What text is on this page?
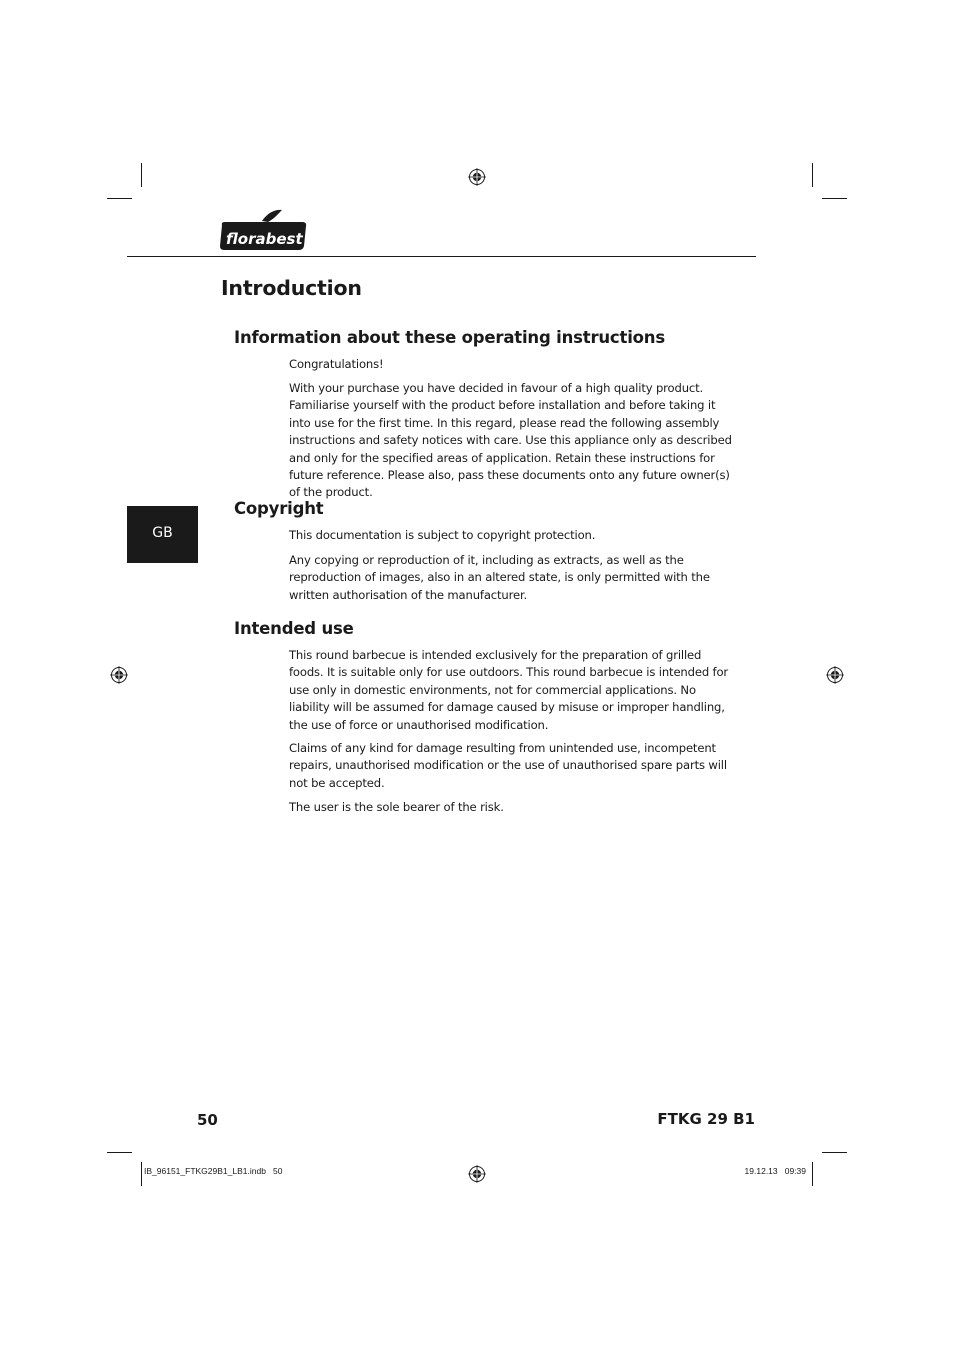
florabest
Introduction
Information about these operating instructions

Congratulations!

With your purchase you have decided in favour of a high quality product. Familiarise yourself with the product before installation and before taking it into use for the first time. In this regard, please read the following assembly instructions and safety notices with care. Use this appliance only as described and only for the specified areas of application. Retain these instructions for future reference. Please also, pass these documents onto any future owner(s) of the product.

GB
Copyright

This documentation is subject to copyright protection.

Any copying or reproduction of it, including as extracts, as well as the reproduction of images, also in an altered state, is only permitted with the written authorisation of the manufacturer.

Intended use

This round barbecue is intended exclusively for the preparation of grilled foods. It is suitable only for use outdoors. This round barbecue is intended for use only in domestic environments, not for commercial applications. No liability will be assumed for damage caused by misuse or improper handling, the use of force or unauthorised modification.

Claims of any kind for damage resulting from unintended use, incompetent repairs, unauthorised modification or the use of unauthorised spare parts will not be accepted.

The user is the sole bearer of the risk.

50	FTKG 29 B1
IB_96151_FTKG29B1_LB1.indb   50	19.12.13   09:39
